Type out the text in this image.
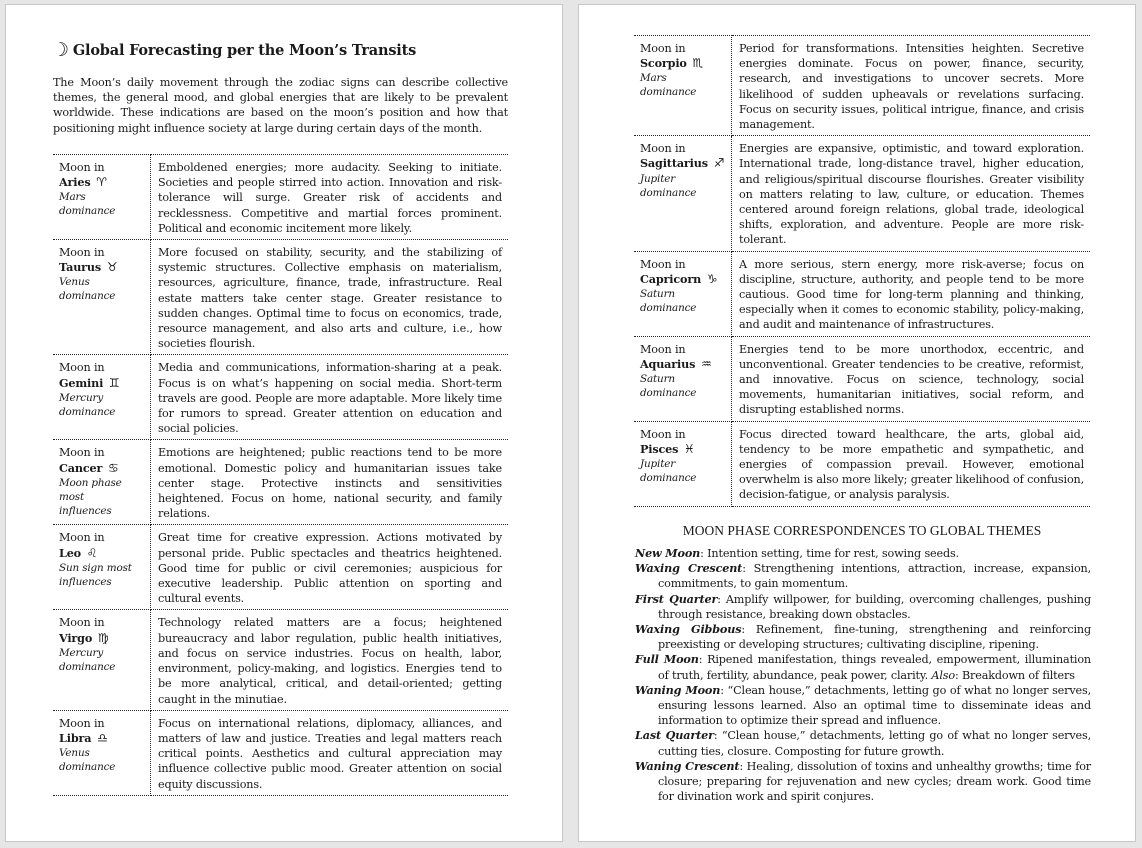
☽ Global Forecasting per the Moon’s Transits
The Moon’s daily movement through the zodiac signs can describe collective themes, the general mood, and global energies that are likely to be prevalent worldwide. These indications are based on the moon’s position and how that positioning might influence society at large during certain days of the month.
Moon in
Aries ♈︎
Mars dominance
	Emboldened energies; more audacity. Seeking to initiate. Societies and people stirred into action. Innovation and risk-tolerance will surge. Greater risk of accidents and recklessness. Competitive and martial forces prominent. Political and economic incitement more likely.

Moon in
Taurus ♉︎
Venus dominance
	More focused on stability, security, and the stabilizing of systemic structures. Collective emphasis on materialism, resources, agriculture, finance, trade, infrastructure. Real estate matters take center stage. Greater resistance to sudden changes. Optimal time to focus on economics, trade, resource management, and also arts and culture, i.e., how societies flourish.

Moon in
Gemini ♊︎
Mercury dominance
	Media and communications, information-sharing at a peak. Focus is on what’s happening on social media. Short-term travels are good. People are more adaptable. More likely time for rumors to spread. Greater attention on education and social policies.

Moon in
Cancer ♋︎
Moon phase most influences
	Emotions are heightened; public reactions tend to be more emotional. Domestic policy and humanitarian issues take center stage. Protective instincts and sensitivities heightened. Focus on home, national security, and family relations.

Moon in
Leo ♌︎
Sun sign most influences
	Great time for creative expression. Actions motivated by personal pride. Public spectacles and theatrics heightened. Good time for public or civil ceremonies; auspicious for executive leadership. Public attention on sporting and cultural events.

Moon in
Virgo ♍︎
Mercury dominance
	Technology related matters are a focus; heightened bureaucracy and labor regulation, public health initiatives, and focus on service industries. Focus on health, labor, environment, policy-making, and logistics. Energies tend to be more analytical, critical, and detail-oriented; getting caught in the minutiae.

Moon in
Libra ♎︎
Venus dominance
	Focus on international relations, diplomacy, alliances, and matters of law and justice. Treaties and legal matters reach critical points. Aesthetics and cultural appreciation may influence collective public mood. Greater attention on social equity discussions.
Moon in
Scorpio ♏︎
Mars dominance
	Period for transformations. Intensities heighten. Secretive energies dominate. Focus on power, finance, security, research, and investigations to uncover secrets. More likelihood of sudden upheavals or revelations surfacing. Focus on security issues, political intrigue, finance, and crisis management.

Moon in
Sagittarius ♐︎
Jupiter dominance
	Energies are expansive, optimistic, and toward exploration. International trade, long-distance travel, higher education, and religious/spiritual discourse flourishes. Greater visibility on matters relating to law, culture, or education. Themes centered around foreign relations, global trade, ideological shifts, exploration, and adventure. People are more risk-tolerant.

Moon in
Capricorn ♑︎
Saturn dominance
	A more serious, stern energy, more risk-averse; focus on discipline, structure, authority, and people tend to be more cautious. Good time for long-term planning and thinking, especially when it comes to economic stability, policy-making, and audit and maintenance of infrastructures.

Moon in
Aquarius ♒︎
Saturn dominance
	Energies tend to be more unorthodox, eccentric, and unconventional. Greater tendencies to be creative, reformist, and innovative. Focus on science, technology, social movements, humanitarian initiatives, social reform, and disrupting established norms.

Moon in
Pisces ♓︎
Jupiter dominance
	Focus directed toward healthcare, the arts, global aid, tendency to be more empathetic and sympathetic, and energies of compassion prevail. However, emotional overwhelm is also more likely; greater likelihood of confusion, decision-fatigue, or analysis paralysis.
MOON PHASE CORRESPONDENCES TO GLOBAL THEMES
New Moon: Intention setting, time for rest, sowing seeds.
Waxing Crescent: Strengthening intentions, attraction, increase, expansion, commitments, to gain momentum.
First Quarter: Amplify willpower, for building, overcoming challenges, pushing through resistance, breaking down obstacles.
Waxing Gibbous: Refinement, fine-tuning, strengthening and reinforcing preexisting or developing structures; cultivating discipline, ripening.
Full Moon: Ripened manifestation, things revealed, empowerment, illumination of truth, fertility, abundance, peak power, clarity. Also: Breakdown of filters
Waning Moon: “Clean house,” detachments, letting go of what no longer serves, ensuring lessons learned. Also an optimal time to disseminate ideas and information to optimize their spread and influence.
Last Quarter: “Clean house,” detachments, letting go of what no longer serves, cutting ties, closure. Composting for future growth.
Waning Crescent: Healing, dissolution of toxins and unhealthy growths; time for closure; preparing for rejuvenation and new cycles; dream work. Good time for divination work and spirit conjures.
